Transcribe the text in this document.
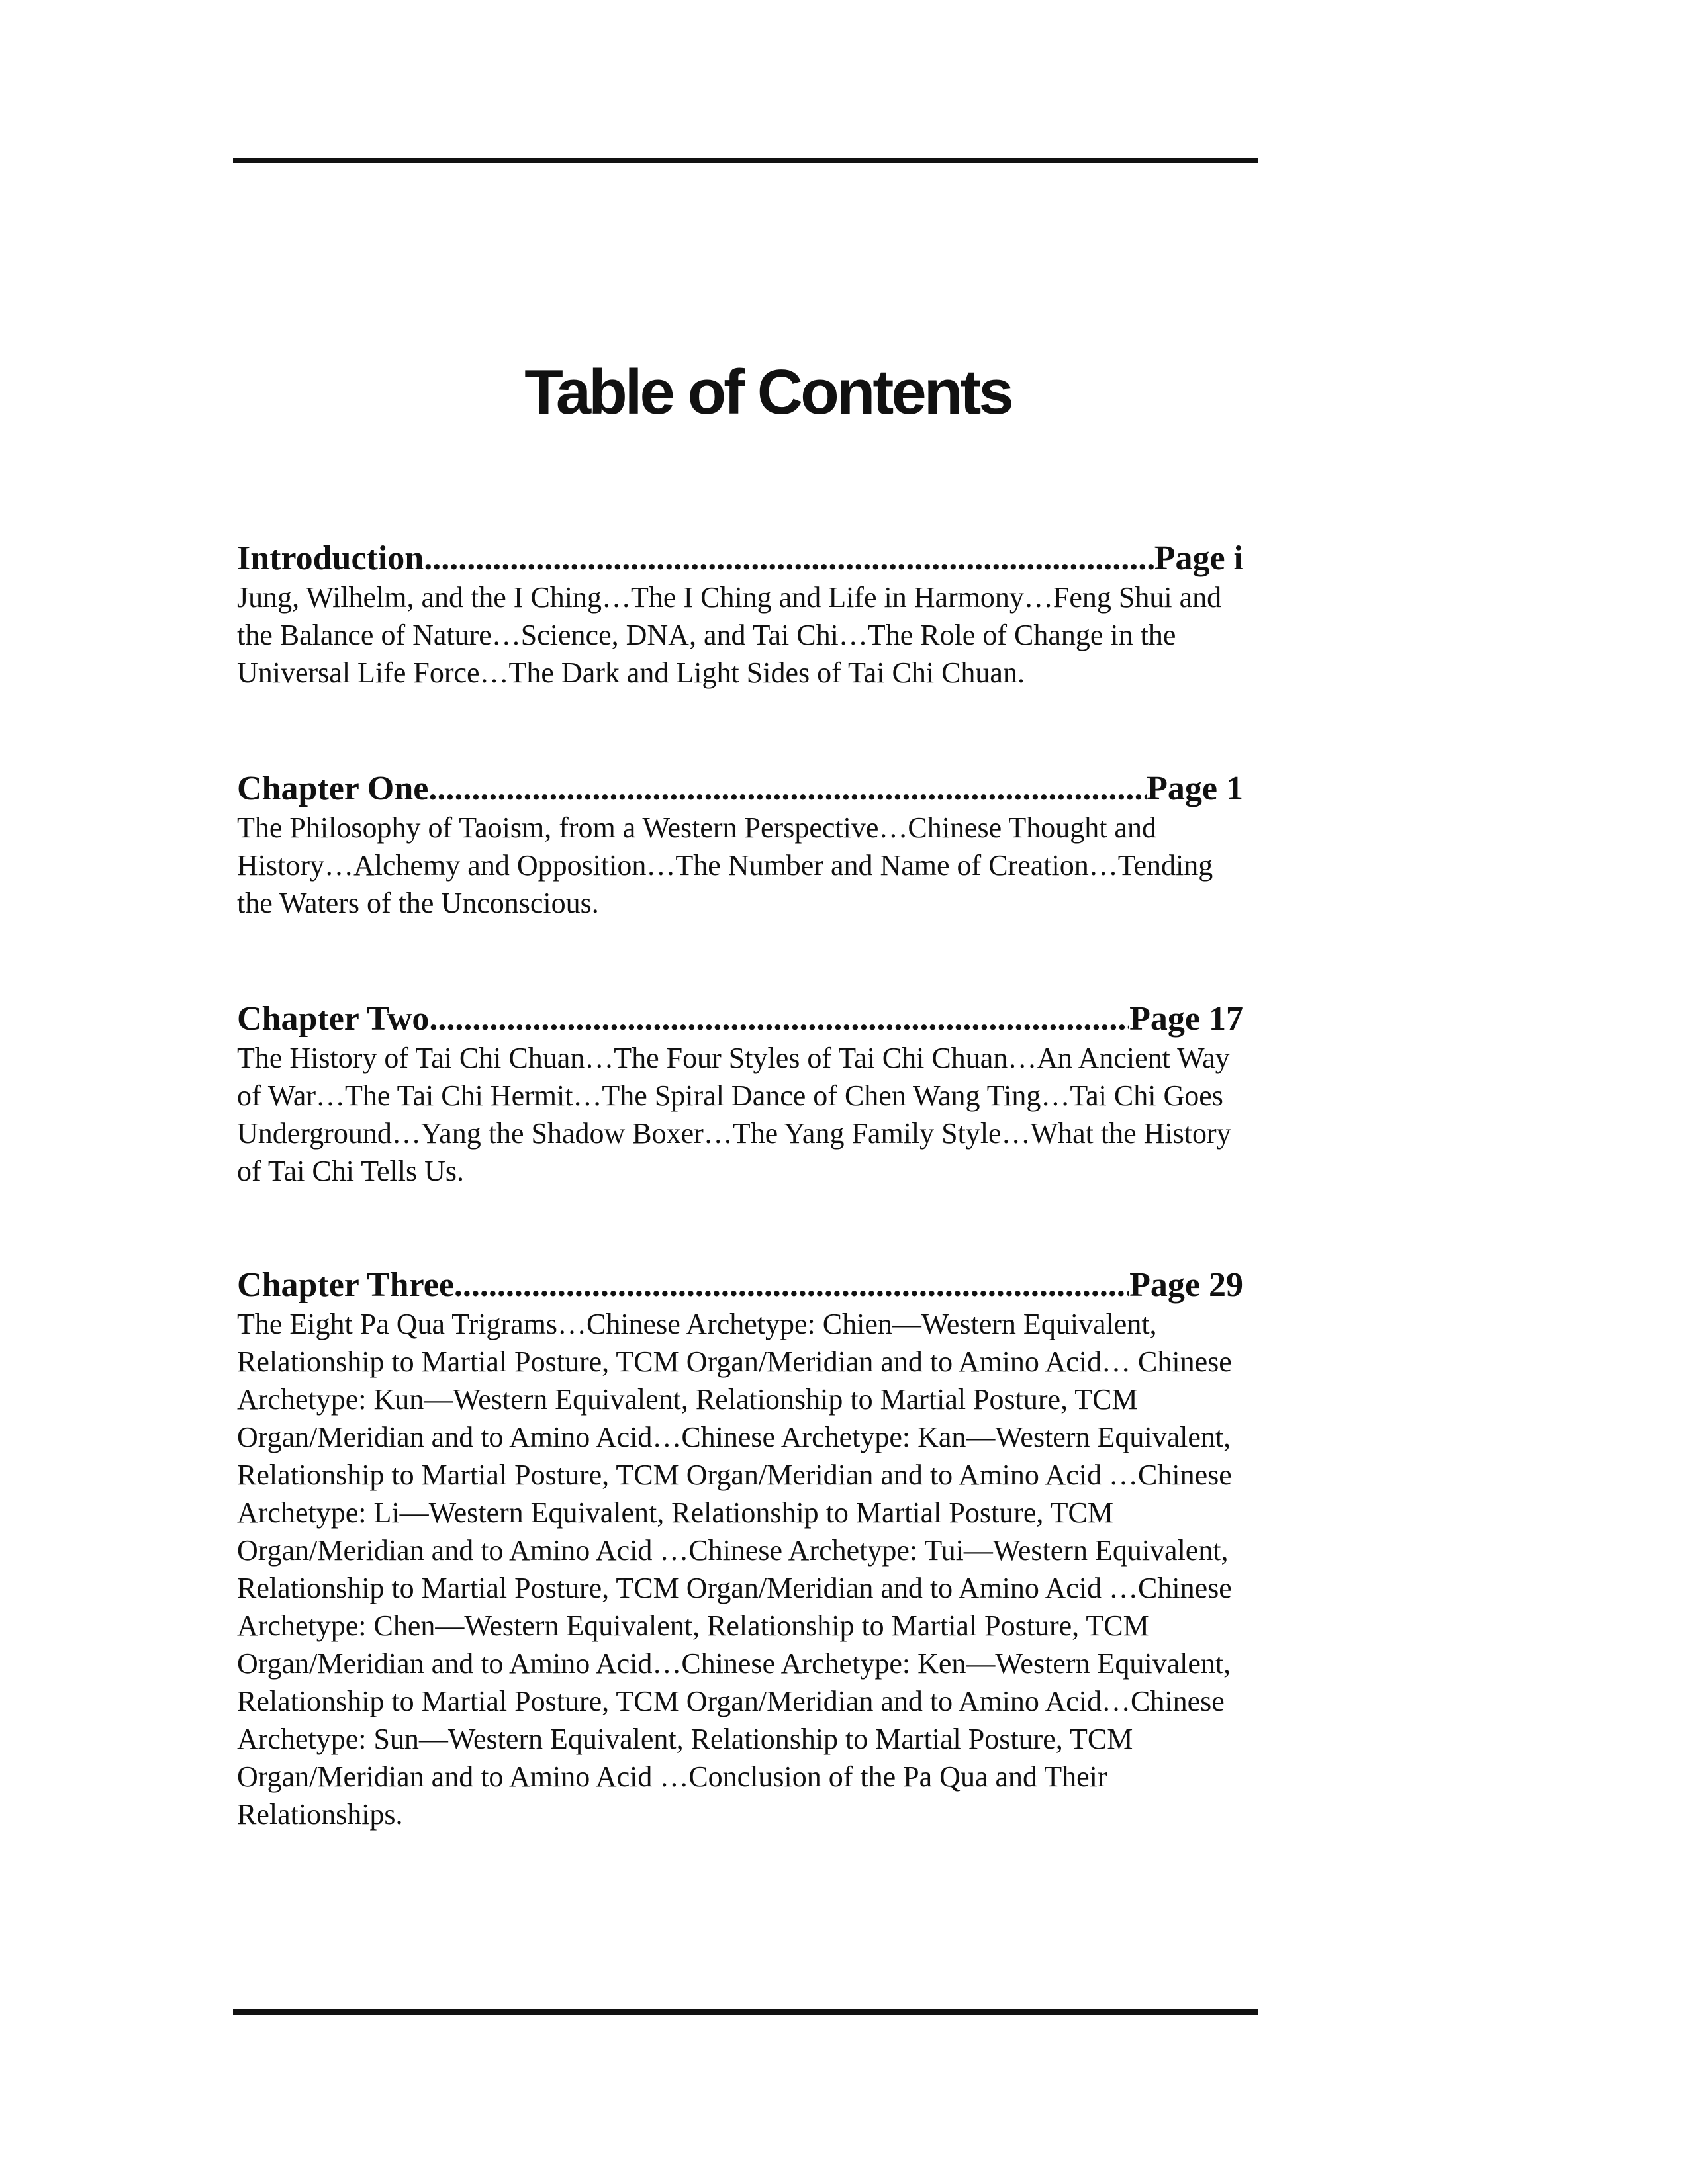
Table of Contents
Introduction .....	Page i
Jung, Wilhelm, and the I Ching…The I Ching and Life in Harmony…Feng Shui and the Balance of Nature…Science, DNA, and Tai Chi…The Role of Change in the Universal Life Force…The Dark and Light Sides of Tai Chi Chuan.
Chapter One .....	Page 1
The Philosophy of Taoism, from a Western Perspective…Chinese Thought and History…Alchemy and Opposition…The Number and Name of Creation…Tending the Waters of the Unconscious.
Chapter Two .....	Page 17
The History of Tai Chi Chuan…The Four Styles of Tai Chi Chuan…An Ancient Way of War…The Tai Chi Hermit…The Spiral Dance of Chen Wang Ting…Tai Chi Goes Underground…Yang the Shadow Boxer…The Yang Family Style…What the History of Tai Chi Tells Us.
Chapter Three .....	Page 29
The Eight Pa Qua Trigrams…Chinese Archetype: Chien—Western Equivalent, Relationship to Martial Posture, TCM Organ/Meridian and to Amino Acid… Chinese Archetype: Kun—Western Equivalent, Relationship to Martial Posture, TCM Organ/Meridian and to Amino Acid…Chinese Archetype: Kan—Western Equivalent, Relationship to Martial Posture, TCM Organ/Meridian and to Amino Acid …Chinese Archetype: Li—Western Equivalent, Relationship to Martial Posture, TCM Organ/Meridian and to Amino Acid …Chinese Archetype: Tui—Western Equivalent, Relationship to Martial Posture, TCM Organ/Meridian and to Amino Acid …Chinese Archetype: Chen—Western Equivalent, Relationship to Martial Posture, TCM Organ/Meridian and to Amino Acid…Chinese Archetype: Ken—Western Equivalent, Relationship to Martial Posture, TCM Organ/Meridian and to Amino Acid…Chinese Archetype: Sun—Western Equivalent, Relationship to Martial Posture, TCM Organ/Meridian and to Amino Acid …Conclusion of the Pa Qua and Their Relationships.
